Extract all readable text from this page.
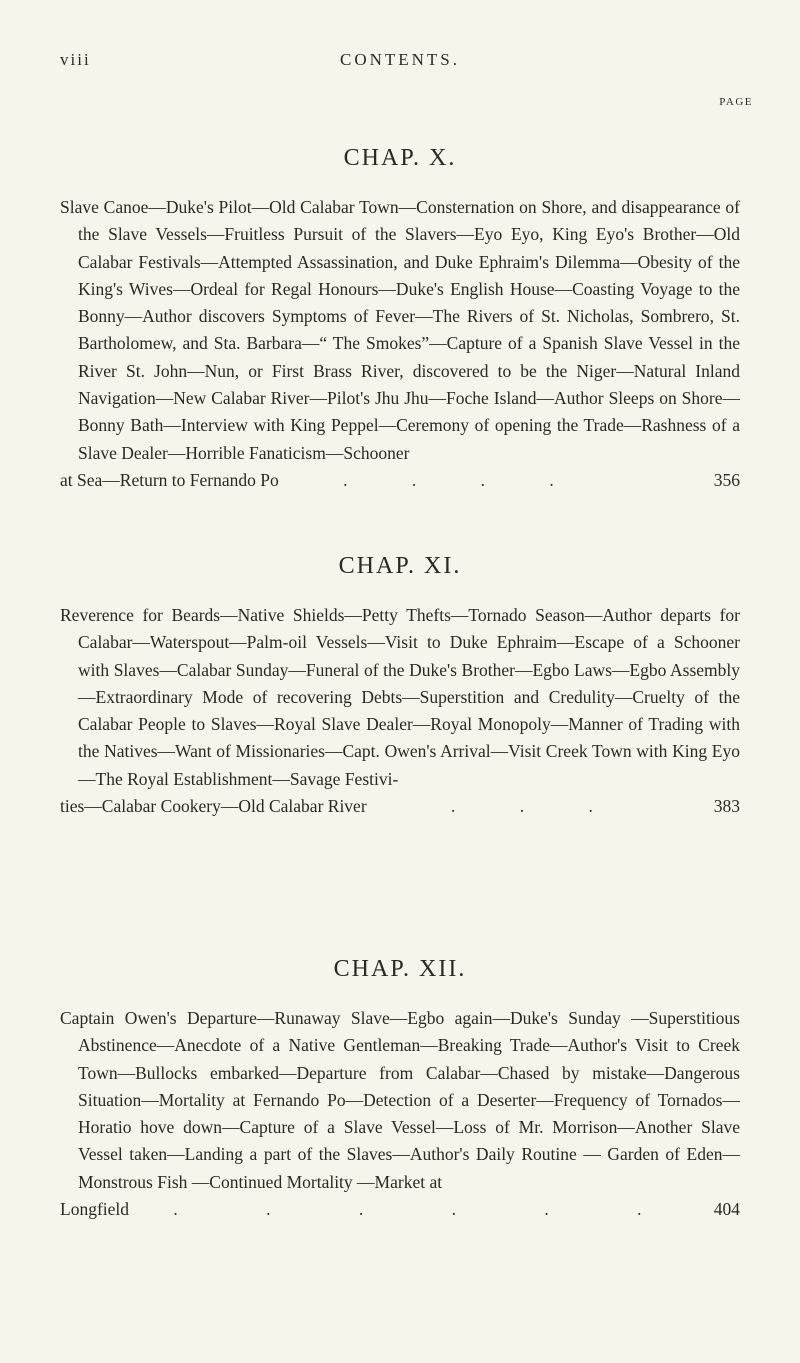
viii	CONTENTS.
PAGE
CHAP. X.

Slave Canoe—Duke's Pilot—Old Calabar Town—Consternation on Shore, and disappearance of the Slave Vessels—Fruitless Pursuit of the Slavers—Eyo Eyo, King Eyo's Brother—Old Calabar Festivals—Attempted Assassination, and Duke Ephraim's Dilemma—Obesity of the King's Wives—Ordeal for Regal Honours—Duke's English House—Coasting Voyage to the Bonny—Author discovers Symptoms of Fever—The Rivers of St. Nicholas, Sombrero, St. Bartholomew, and Sta. Barbara—“ The Smokes”—Capture of a Spanish Slave Vessel in the River St. John—Nun, or First Brass River, discovered to be the Niger—Natural Inland Navigation—New Calabar River—Pilot's Jhu Jhu—Foche Island—Author Sleeps on Shore—Bonny Bath—Interview with King Peppel—Ceremony of opening the Trade—Rashness of a Slave Dealer—Horrible Fanaticism—Schooner
at Sea—Return to Fernando Po	. . . .	356

CHAP. XI.

Reverence for Beards—Native Shields—Petty Thefts—Tornado Season—Author departs for Calabar—Waterspout—Palm-oil Vessels—Visit to Duke Ephraim—Escape of a Schooner with Slaves—Calabar Sunday—Funeral of the Duke's Brother—Egbo Laws—Egbo Assembly—Extraordinary Mode of recovering Debts—Superstition and Credulity—Cruelty of the Calabar People to Slaves—Royal Slave Dealer—Royal Monopoly—Manner of Trading with the Natives—Want of Missionaries—Capt. Owen's Arrival—Visit Creek Town with King Eyo—The Royal Establishment—Savage Festivi-
ties—Calabar Cookery—Old Calabar River	. . .	383

CHAP. XII.

Captain Owen's Departure—Runaway Slave—Egbo again—Duke's Sunday —Superstitious Abstinence—Anecdote of a Native Gentleman—Breaking Trade—Author's Visit to Creek Town—Bullocks embarked—Departure from Calabar—Chased by mistake—Dangerous Situation—Mortality at Fernando Po—Detection of a Deserter—Frequency of Tornados—Horatio hove down—Capture of a Slave Vessel—Loss of Mr. Morrison—Another Slave Vessel taken—Landing a part of the Slaves—Author's Daily Routine — Garden of Eden—Monstrous Fish —Continued Mortality —Market at
Longfield	. . . . . . 404
